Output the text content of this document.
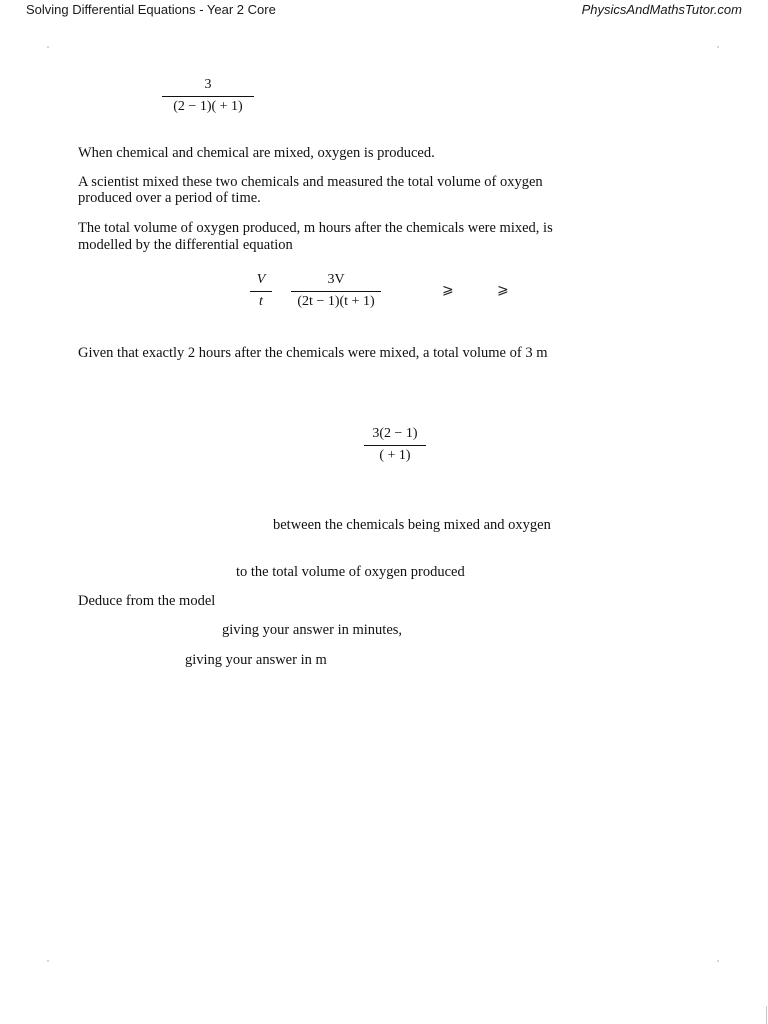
Solving Differential Equations - Year 2 Core	PhysicsAndMathsTutor.com
3
(2 − 1)( + 1)
When chemical and chemical are mixed, oxygen is produced.
A scientist mixed these two chemicals and measured the total volume of oxygen
produced over a period of time.
The total volume of oxygen produced, m hours after the chemicals were mixed, is
modelled by the differential equation
V
t
3V
(2t − 1)(t + 1)
⩾	⩾
Given that exactly 2 hours after the chemicals were mixed, a total volume of 3 m
3(2 − 1)
( + 1)
between the chemicals being mixed and oxygen
to the total volume of oxygen produced
Deduce from the model
giving your answer in minutes,
giving your answer in m
